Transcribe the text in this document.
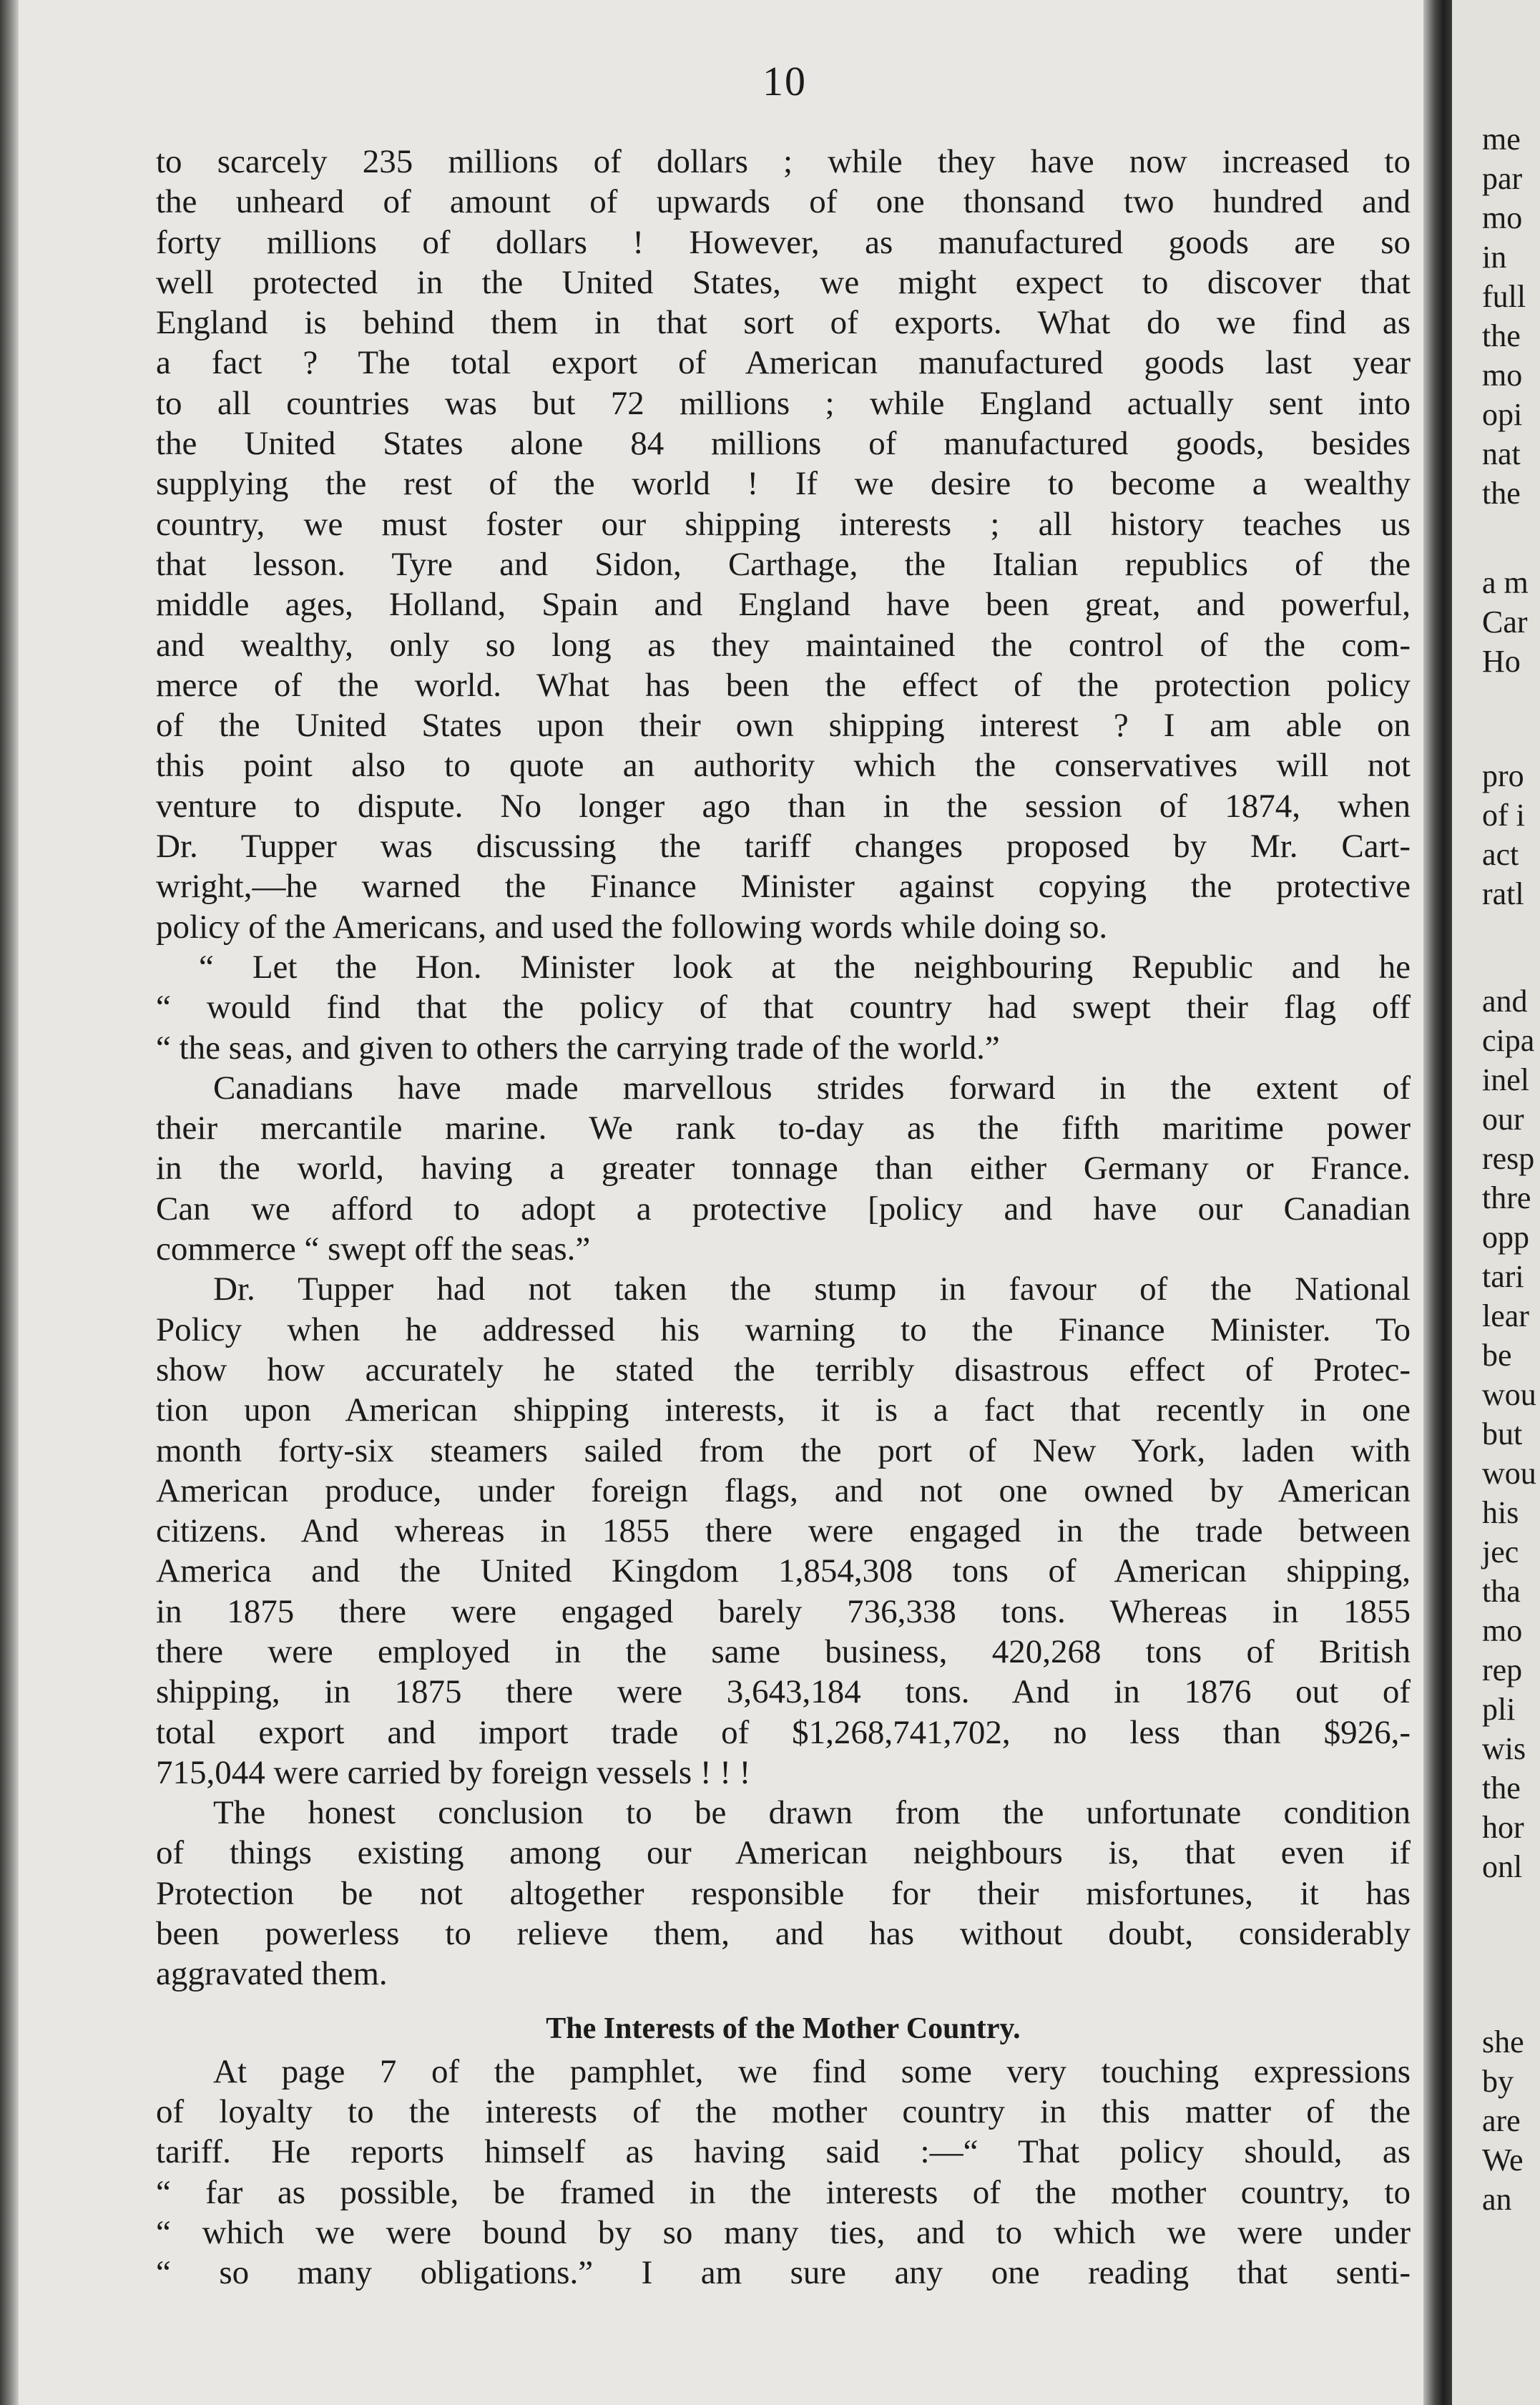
10
to scarcely 235 millions of dollars ; while they have now increased to
the unheard of amount of upwards of one thonsand two hundred and
forty millions of dollars ! However, as manufactured goods are so
well protected in the United States, we might expect to discover that
England is behind them in that sort of exports. What do we find as
a fact ? The total export of American manufactured goods last year
to all countries was but 72 millions ; while England actually sent into
the United States alone 84 millions of manufactured goods, besides
supplying the rest of the world ! If we desire to become a wealthy
country, we must foster our shipping interests ; all history teaches us
that lesson. Tyre and Sidon, Carthage, the Italian republics of the
middle ages, Holland, Spain and England have been great, and powerful,
and wealthy, only so long as they maintained the control of the com-
merce of the world. What has been the effect of the protection policy
of the United States upon their own shipping interest ? I am able on
this point also to quote an authority which the conservatives will not
venture to dispute. No longer ago than in the session of 1874, when
Dr. Tupper was discussing the tariff changes proposed by Mr. Cart-
wright,—he warned the Finance Minister against copying the protective
policy of the Americans, and used the following words while doing so.
“ Let the Hon. Minister look at the neighbouring Republic and he
“ would find that the policy of that country had swept their flag off
“ the seas, and given to others the carrying trade of the world.”
Canadians have made marvellous strides forward in the extent of
their mercantile marine. We rank to-day as the fifth maritime power
in the world, having a greater tonnage than either Germany or France.
Can we afford to adopt a protective [policy and have our Canadian
commerce “ swept off the seas.”
Dr. Tupper had not taken the stump in favour of the National
Policy when he addressed his warning to the Finance Minister. To
show how accurately he stated the terribly disastrous effect of Protec-
tion upon American shipping interests, it is a fact that recently in one
month forty-six steamers sailed from the port of New York, laden with
American produce, under foreign flags, and not one owned by American
citizens. And whereas in 1855 there were engaged in the trade between
America and the United Kingdom 1,854,308 tons of American shipping,
in 1875 there were engaged barely 736,338 tons. Whereas in 1855
there were employed in the same business, 420,268 tons of British
shipping, in 1875 there were 3,643,184 tons. And in 1876 out of
total export and import trade of $1,268,741,702, no less than $926,-
715,044 were carried by foreign vessels ! ! !
The honest conclusion to be drawn from the unfortunate condition
of things existing among our American neighbours is, that even if
Protection be not altogether responsible for their misfortunes, it has
been powerless to relieve them, and has without doubt, considerably
aggravated them.
The Interests of the Mother Country.
At page 7 of the pamphlet, we find some very touching expressions
of loyalty to the interests of the mother country in this matter of the
tariff. He reports himself as having said :—“ That policy should, as
“ far as possible, be framed in the interests of the mother country, to
“ which we were bound by so many ties, and to which we were under
“ so many obligations.” I am sure any one reading that senti-
me
par
mo
in
full
the
mo
opi
nat
the
a m
Car
Ho
pro
of i
act
ratl
and
cipa
inel
our
resp
thre
opp
tari
lear
be
wou
but
wou
his
jec
tha
mo
rep
pli
wis
the
hor
onl
she
by
are
We
an
